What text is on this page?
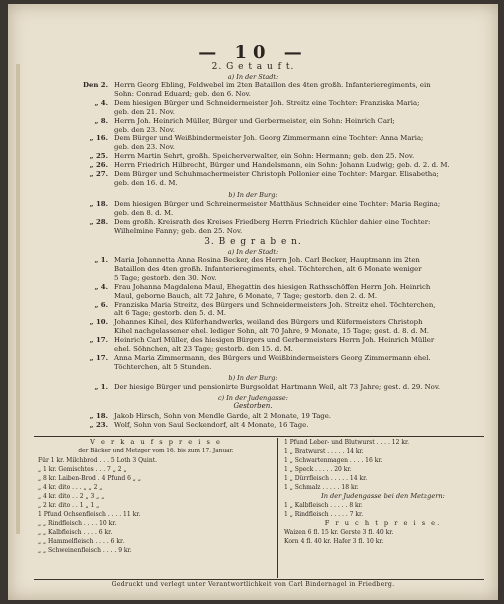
— 10 —
2. G e t a u f t.
a) In der Stadt:
Den 2. Herrn Georg Ebling, Feldwebel im 2ten Bataillon des 4ten großh. Infanterieregiments, ein
Sohn: Conrad Eduard; geb. den 6. Nov.
„ 4. Dem hiesigen Bürger und Schneidermeister Joh. Streitz eine Tochter: Franziska Maria;
geb. den 21. Nov.
„ 8. Herrn Joh. Heinrich Müller, Bürger und Gerbermeister, ein Sohn: Heinrich Carl;
geb. den 23. Nov.
„ 16. Dem Bürger und Weißbindermeister Joh. Georg Zimmermann eine Tochter: Anna Maria;
geb. den 23. Nov.
„ 25. Herrn Martin Sehrt, großh. Speicherverwalter, ein Sohn: Hermann; geb. den 25. Nov.
„ 26. Herrn Friedrich Hilbrecht, Bürger und Handelsmann, ein Sohn: Johann Ludwig; geb. d. 2. d. M.
„ 27. Dem Bürger und Schuhmachermeister Christoph Pollonier eine Tochter: Margar. Elisabetha;
geb. den 16. d. M.
b) In der Burg:
„ 18. Dem hiesigen Bürger und Schreinermeister Matthäus Schneider eine Tochter: Maria Regina;
geb. den 8. d. M.
„ 28. Dem großh. Kreisrath des Kreises Friedberg Herrn Friedrich Küchler dahier eine Tochter:
Wilhelmine Fanny; geb. den 25. Nov.
3. B e g r a b e n.
a) In der Stadt:
„ 1. Maria Johannetta Anna Rosina Becker, des Herrn Joh. Carl Becker, Hauptmann im 2ten
Bataillon des 4ten großh. Infanterieregiments, ehel. Töchterchen, alt 6 Monate weniger
5 Tage; gestorb. den 30. Nov.
„ 4. Frau Johanna Magdalena Maul, Ehegattin des hiesigen Rathsschöffen Herrn Joh. Heinrich
Maul, geborne Bauch, alt 72 Jahre, 6 Monate, 7 Tage; gestorb. den 2. d. M.
„ 6. Franziska Maria Streitz, des Bürgers und Schneidermeisters Joh. Streitz ehel. Töchterchen,
alt 6 Tage; gestorb. den 5. d. M.
„ 10. Johannes Kihel, des Küferhandwerks, weiland des Bürgers und Küfermeisters Christoph
Kihel nachgelassener ehel. lediger Sohn, alt 70 Jahre, 9 Monate, 15 Tage; gest. d. 8. d. M.
„ 17. Heinrich Carl Müller, des hiesigen Bürgers und Gerbermeisters Herrn Joh. Heinrich Müller
ehel. Söhnchen, alt 23 Tage; gestorb. den 15. d. M.
„ 17. Anna Maria Zimmermann, des Bürgers und Weißbindermeisters Georg Zimmermann ehel.
Töchterchen, alt 5 Stunden.
b) In der Burg:
„ 1. Der hiesige Bürger und pensionirte Burgsoldat Hartmann Weil, alt 73 Jahre; gest. d. 29. Nov.
c) In der Judengasse:
Gestorben.
„ 18. Jakob Hirsch, Sohn von Mendle Garde, alt 2 Monate, 19 Tage.
„ 23. Wolf, Sohn von Saul Seckendorf, alt 4 Monate, 16 Tage.
V e r k a u f s p r e i s e
der Bäcker und Metzger vom 16. bis zum 17. Januar.
Für 1 kr. Milchbrod . . . 5 Loth 3 Quint.
„ 1 kr. Gemischtes . . . 7 „ 2 „
„ 8 kr. Laiben-Brod . 4 Pfund 6 „ „
„ 4 kr. dito . . . „ „ 2 „
„ 4 kr. dito . . 2 „ 3 „ „
„ 2 kr. dito . . 1 „ 1 „
1 Pfund Ochsenfleisch . . . . 11 kr.
„ „ Rindfleisch . . . . 10 kr.
„ „ Kalbfleisch . . . . 6 kr.
„ „ Hammelfleisch . . . . 6 kr.
„ „ Schweinenfleisch . . . . 9 kr.
1 Pfund Leber- und Blutwurst . . . . 12 kr.
1 „ Bratwurst . . . . . 14 kr.
1 „ Schwartenmagen . . . . 16 kr.
1 „ Speck . . . . . 20 kr.
1 „ Dürrfleisch . . . . . 14 kr.
1 „ Schmalz . . . . . 18 kr.
In der Judengasse bei den Metzgern:
1 „ Kalbfleisch . . . . . 8 kr.
1 „ Rindfleisch . . . . . 7 kr.
F r u c h t p r e i s e.
Waizen 6 fl. 15 kr. Gerste 3 fl. 40 kr.
Korn 4 fl. 40 kr. Hafer 3 fl. 10 kr.
Gedruckt und verlegt unter Verantwortlichkeit von Carl Bindernagel in Friedberg.
